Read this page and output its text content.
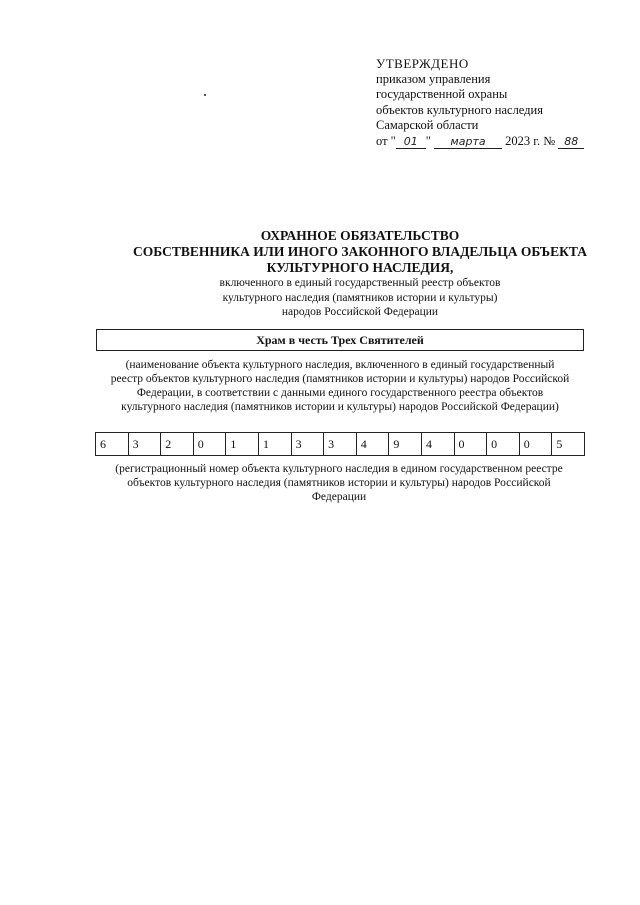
УТВЕРЖДЕНО
приказом управления
государственной охраны
объектов культурного наследия
Самарской области
от " 01 " марта 2023 г. № 88
ОХРАННОЕ ОБЯЗАТЕЛЬСТВО
СОБСТВЕННИКА ИЛИ ИНОГО ЗАКОННОГО ВЛАДЕЛЬЦА ОБЪЕКТА
КУЛЬТУРНОГО НАСЛЕДИЯ,
включенного в единый государственный реестр объектов
культурного наследия (памятников истории и культуры)
народов Российской Федерации
Храм в честь Трех Святителей
(наименование объекта культурного наследия, включенного в единый государственный
реестр объектов культурного наследия (памятников истории и культуры) народов Российской
Федерации, в соответствии с данными единого государственного реестра объектов
культурного наследия (памятников истории и культуры) народов Российской Федерации)
6	3	2	0	1	1	3	3	4	9	4	0	0	0	5
(регистрационный номер объекта культурного наследия в едином государственном реестре
объектов культурного наследия (памятников истории и культуры) народов Российской
Федерации
